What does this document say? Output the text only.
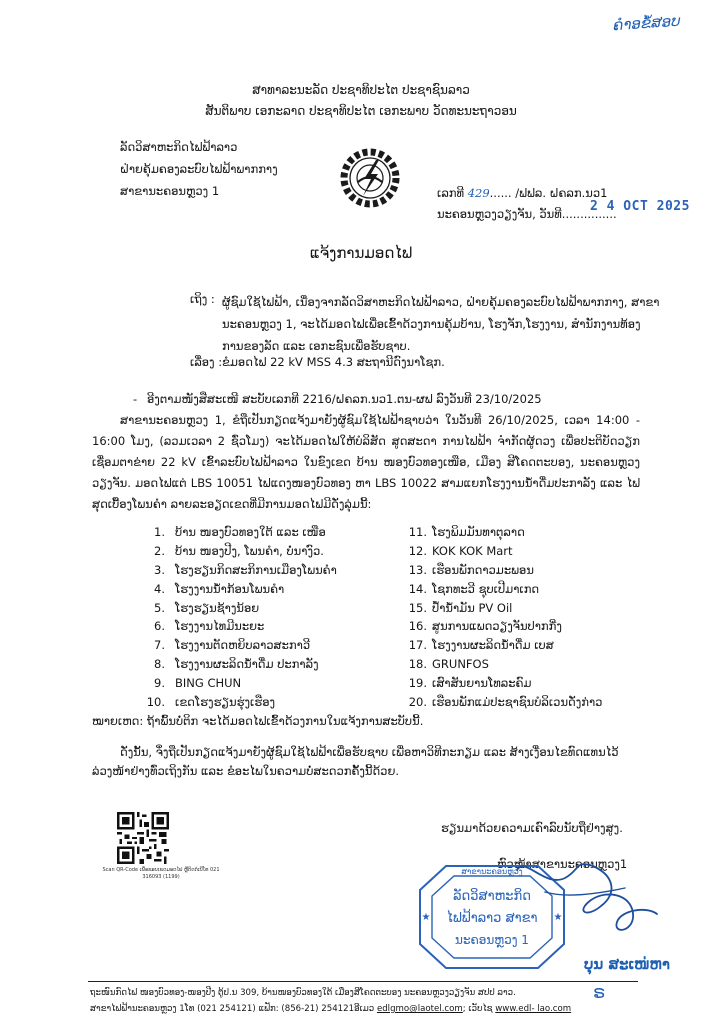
ຄຳອຂໍ້ສອບ
ສາທາລະນະລັດ ປະຊາທິປະໄຕ ປະຊາຊົນລາວ
ສັນຕິພາບ ເອກະລາດ ປະຊາທິປະໄຕ ເອກະພາບ ວັດທະນະຖາວອນ
ລັດວິສາຫະກິດໄຟຟ້າລາວ
ຝ່າຍຄຸ້ມຄອງລະບົບໄຟຟ້າພາກກາງ
ສາຂານະຄອນຫຼວງ 1	ເລກທີ 429...... /ຟຟລ. ຝຄລກ.ນວ1
2 4 OCT 2025
ນະຄອນຫຼວງວຽງຈັນ, ວັນທີ...............
ແຈ້ງການມອດໄຟ
ເຖິງ : ຜູ້ຊົມໃຊ້ໄຟຟ້າ, ເນື່ອງຈາກລັດວິສາຫະກິດໄຟຟ້າລາວ, ຝ່າຍຄຸ້ມຄອງລະບົບໄຟຟ້າພາກກາງ, ສາຂານະຄອນຫຼວງ 1, ຈະໄດ້ມອດໄຟເພື່ອເຂົ້າດ້ວງການຄຸ້ມບ້ານ, ໂຮງຈັກ,ໂຮງງານ, ສຳນັກງານທ້ອງການຂອງລັດ ແລະ ເອກະຊົນເພື່ອຮັບຊາບ.
ເລື່ອງ : ຂໍມອດໄຟ 22 kV MSS 4.3 ສະຖານີດົງນາໂຊກ.
- ອີງຕາມໜັງສືສະເໜີ ສະບັບເລກທີ 2216/ຝຄລກ.ນວ1.ຕນ-ຜຟ ລົງວັນທີ 23/10/2025
ສາຂານະຄອນຫຼວງ 1, ຂໍຖືເປັນກຽດແຈ້ງມາຍັງຜູ້ຊົມໃຊ້ໄຟຟ້າຊາບວ່າ ໃນວັນທີ 26/10/2025, ເວລາ 14:00 - 16:00 ໂມງ, (ລວມເວລາ 2 ຊົ່ວໂມງ) ຈະໄດ້ມອດໄຟໃຫ້ບໍລິສັດ ສູດສະດາ ການໄຟຟ້າ ຈຳກັດຜູ້ດວງ ເພື່ອປະຕິບັດວຽກ ເຊື່ອມຕາຂ່າຍ 22 kV ເຂົ້າລະບົບໄຟຟ້າລາວ ໃນຂົງເຂດ ບ້ານ ໜອງບົວທອງເໜືອ, ເມືອງ ສີໂຄດຕະບອງ, ນະຄອນຫຼວງວຽງຈັນ. ມອດໄຟແຕ່ LBS 10051 ໄຟແດງໜອງບົວທອງ ຫາ LBS 10022 ສາມແຍກໂຮງງານນ້ຳດື່ມປະກາລັງ ແລະ ໄຟສຸດເບື້ອງໂພນຄຳ ລາຍລະອຽດເຂດທີ່ມີການມອດໄຟມີດັ່ງລຸ່ມນີ້:
1. ບ້ານ ໜອງບົວທອງໃຕ້ ແລະ ເໜືອ
2. ບ້ານ ໜອງປີງ, ໂພນຄຳ, ບໍ່ນາງົວ.
3. ໂຮງຮຽນກິດສະກິການເມືອງໂພນຄຳ
4. ໂຮງງານນ້ຳກ້ອນໂພນຄຳ
5. ໂຮງຮຽນຊ້າງນ້ອຍ
6. ໂຮງງານໄທມີນະຍະ
7. ໂຮງງານຕັດຫຍິບລາວສະກາວີ
8. ໂຮງງານຜະລິດນ້ຳດື່ມ ປະກາລັງ
9. BING CHUN
10. ເຂດໂຮງຮຽນຮຸ່ງເຮືອງ
11. ໂຮງພິມມັນທາຕຸລາດ
12. KOK KOK Mart
13. ເຮືອນພັກດາວມະພອນ
14. ໂຊກທະວີ ຊຸບເປີມາເກດ
15. ປ້ຳນ້ຳມັນ PV Oil
16. ສູນການແພດວຽງຈັນປາກກີ່ງ
17. ໂຮງງານຜະລິດນ້ຳດື່ມ ເບສ
18. GRUNFOS
19. ເສົາສັນຍານໂທລະຄົມ
20. ເຮືອນພັກແມ່ປະຊາຊົນບໍລິເວນດັ່ງກ່າວ
ໝາຍເຫດ: ຖ້າພົ້ນບໍ່ຕິກ ຈະໄດ້ມອດໄຟເຂົ້າດ້ວງການໃນແຈ້ງການສະບັບນີ້.
ດັ່ງນັ້ນ, ຈຶ່ງຖືເປັນກຽດແຈ້ງມາຍັງຜູ້ຊົມໃຊ້ໄຟຟ້າເພື່ອຮັບຊາບ ເພື່ອຫາວິທີກະກຽມ ແລະ ສ້າງເງື່ອນໄຂທົດແທນໄວ້ລ່ວງໜ້າຢ່າງທົ່ວເຖິງກັນ ແລະ ຂໍອະໄພໃນຄວາມບໍ່ສະດວກຄັ້ງນີ້ດ້ວຍ.
ຮຽນມາດ້ວຍຄວາມເຄົາລົບນັບຖືຢ່າງສູງ.
ຫົວໜ້າສາຂານະຄອນຫຼວງ1
Scan QR-Code ເພື່ອຂອບເຂດມອດໄຟ ຫຼືຕິດຕໍ່ເບີໂທ 021 316093 (1199)
ສາຂານະຄອນຫຼວງ
ລັດວິສາຫະກິດ
ໄຟຟ້າລາວ ສາຂາ
ນະຄອນຫຼວງ 1
★	★
ບຸນ ສະເໜ່ຫາ
ຣ
ຖະໜົນກົດໄຟ ໜອງບົວທອງ-ໜອງປີງ ຕູ້ປ.ນ 309, ບ້ານໜອງບົວທອງໃຕ້ ເມືອງສີໂຄດຕະບອງ ນະຄອນຫຼວງວຽງຈັນ ສປປ ລາວ.
ສາຂາໄຟຟ້ານະຄອນຫຼວງ 1ໂທ (021 254121) ແຟັກ: (856-21) 254121ອີເມວ edlgmo@laotel.com; ເວັບໄຊ www.edl- lao.com
